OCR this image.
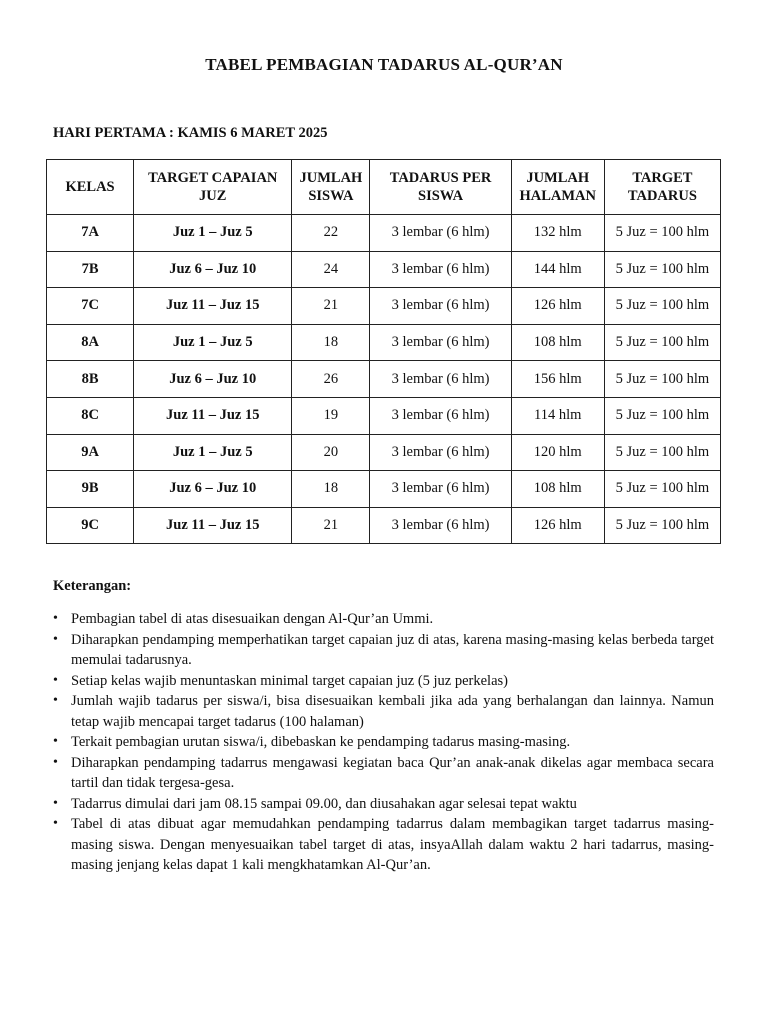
TABEL PEMBAGIAN TADARUS AL-QUR’AN
HARI PERTAMA : KAMIS 6 MARET 2025
KELAS	TARGET CAPAIAN JUZ	JUMLAH SISWA	TADARUS PER SISWA	JUMLAH HALAMAN	TARGET TADARUS
7A	Juz 1 – Juz 5	22	3 lembar (6 hlm)	132 hlm	5 Juz = 100 hlm
7B	Juz 6 – Juz 10	24	3 lembar (6 hlm)	144 hlm	5 Juz = 100 hlm
7C	Juz 11 – Juz 15	21	3 lembar (6 hlm)	126 hlm	5 Juz = 100 hlm
8A	Juz 1 – Juz 5	18	3 lembar (6 hlm)	108 hlm	5 Juz = 100 hlm
8B	Juz 6 – Juz 10	26	3 lembar (6 hlm)	156 hlm	5 Juz = 100 hlm
8C	Juz 11 – Juz 15	19	3 lembar (6 hlm)	114 hlm	5 Juz = 100 hlm
9A	Juz 1 – Juz 5	20	3 lembar (6 hlm)	120 hlm	5 Juz = 100 hlm
9B	Juz 6 – Juz 10	18	3 lembar (6 hlm)	108 hlm	5 Juz = 100 hlm
9C	Juz 11 – Juz 15	21	3 lembar (6 hlm)	126 hlm	5 Juz = 100 hlm
Keterangan:
• Pembagian tabel di atas disesuaikan dengan Al-Qur’an Ummi.
• Diharapkan pendamping memperhatikan target capaian juz di atas, karena masing-masing kelas berbeda target memulai tadarusnya.
• Setiap kelas wajib menuntaskan minimal target capaian juz (5 juz perkelas)
• Jumlah wajib tadarus per siswa/i, bisa disesuaikan kembali jika ada yang berhalangan dan lainnya. Namun tetap wajib mencapai target tadarus (100 halaman)
• Terkait pembagian urutan siswa/i, dibebaskan ke pendamping tadarus masing-masing.
• Diharapkan pendamping tadarrus mengawasi kegiatan baca Qur’an anak-anak dikelas agar membaca secara tartil dan tidak tergesa-gesa.
• Tadarrus dimulai dari jam 08.15 sampai 09.00, dan diusahakan agar selesai tepat waktu
• Tabel di atas dibuat agar memudahkan pendamping tadarrus dalam membagikan target tadarrus masing-masing siswa. Dengan menyesuaikan tabel target di atas, insyaAllah dalam waktu 2 hari tadarrus, masing-masing jenjang kelas dapat 1 kali mengkhatamkan Al-Qur’an.
